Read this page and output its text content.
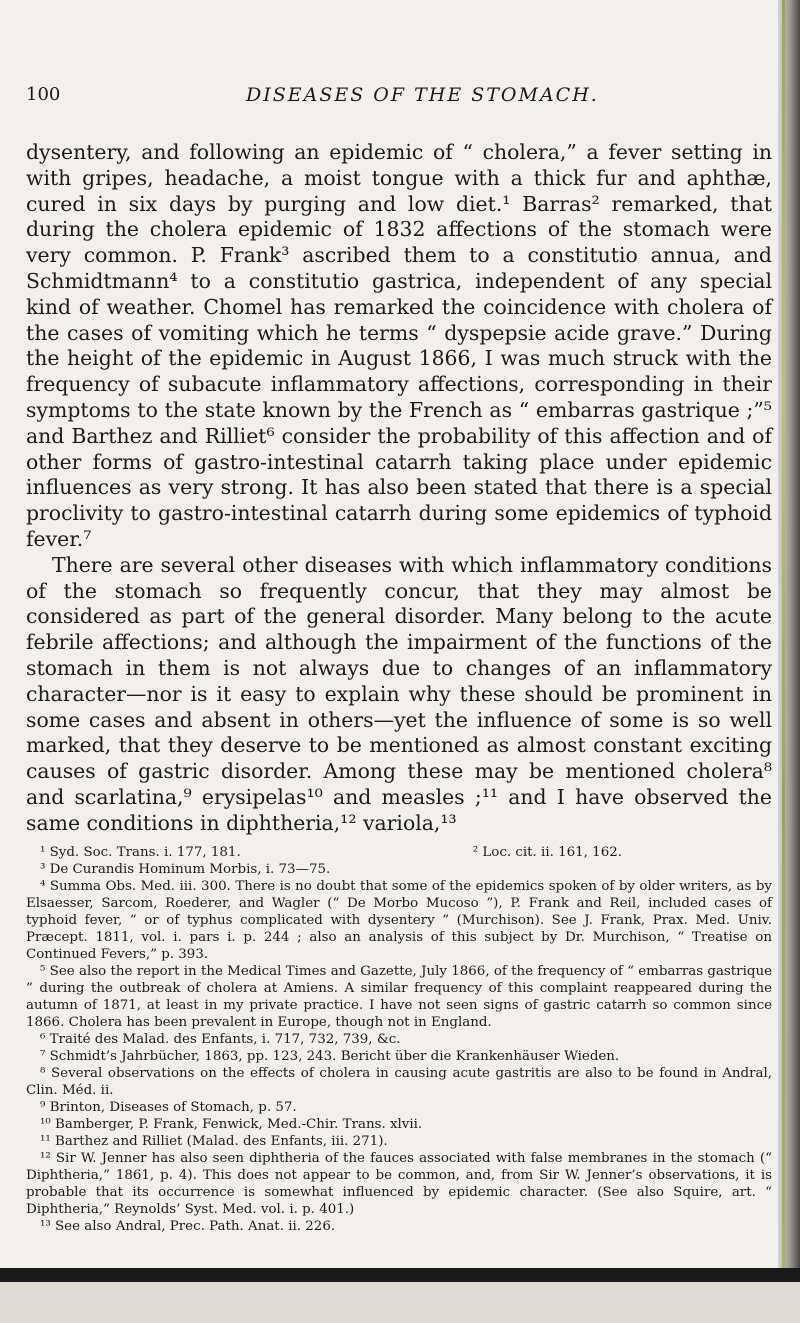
100	DISEASES OF THE STOMACH.

dysentery, and following an epidemic of “ cholera,” a fever setting in with gripes, headache, a moist tongue with a thick fur and aphthæ, cured in six days by purging and low diet.¹ Barras² remarked, that during the cholera epidemic of 1832 affections of the stomach were very common. P. Frank³ ascribed them to a constitutio annua, and Schmidtmann⁴ to a constitutio gastrica, independent of any special kind of weather. Chomel has remarked the coincidence with cholera of the cases of vomiting which he terms “ dyspepsie acide grave.” During the height of the epidemic in August 1866, I was much struck with the frequency of subacute inflammatory affections, corresponding in their symptoms to the state known by the French as “ embarras gastrique ;”⁵ and Barthez and Rilliet⁶ consider the probability of this affection and of other forms of gastro-intestinal catarrh taking place under epidemic influences as very strong. It has also been stated that there is a special proclivity to gastro-intestinal catarrh during some epidemics of typhoid fever.⁷

There are several other diseases with which inflammatory conditions of the stomach so frequently concur, that they may almost be considered as part of the general disorder. Many belong to the acute febrile affections; and although the impairment of the functions of the stomach in them is not always due to changes of an inflammatory character—nor is it easy to explain why these should be prominent in some cases and absent in others—yet the influence of some is so well marked, that they deserve to be mentioned as almost constant exciting causes of gastric disorder. Among these may be mentioned cholera⁸ and scarlatina,⁹ erysipelas¹⁰ and measles ;¹¹ and I have observed the same conditions in diphtheria,¹² variola,¹³

¹ Syd. Soc. Trans. i. 177, 181.	² Loc. cit. ii. 161, 162.

³ De Curandis Hominum Morbis, i. 73—75.

⁴ Summa Obs. Med. iii. 300. There is no doubt that some of the epidemics spoken of by older writers, as by Elsaesser, Sarcom, Roederer, and Wagler (“ De Morbo Mucoso ”), P. Frank and Reil, included cases of typhoid fever, “ or of typhus complicated with dysentery ” (Murchison). See J. Frank, Prax. Med. Univ. Præcept. 1811, vol. i. pars i. p. 244 ; also an analysis of this subject by Dr. Murchison, “ Treatise on Continued Fevers,” p. 393.

⁵ See also the report in the Medical Times and Gazette, July 1866, of the frequency of “ embarras gastrique ” during the outbreak of cholera at Amiens. A similar frequency of this complaint reappeared during the autumn of 1871, at least in my private practice. I have not seen signs of gastric catarrh so common since 1866. Cholera has been prevalent in Europe, though not in England.

⁶ Traité des Malad. des Enfants, i. 717, 732, 739, &c.

⁷ Schmidt’s Jahrbücher, 1863, pp. 123, 243. Bericht über die Krankenhäuser Wieden.

⁸ Several observations on the effects of cholera in causing acute gastritis are also to be found in Andral, Clin. Méd. ii.

⁹ Brinton, Diseases of Stomach, p. 57.

¹⁰ Bamberger, P. Frank, Fenwick, Med.-Chir. Trans. xlvii.

¹¹ Barthez and Rilliet (Malad. des Enfants, iii. 271).

¹² Sir W. Jenner has also seen diphtheria of the fauces associated with false membranes in the stomach (“ Diphtheria,” 1861, p. 4). This does not appear to be common, and, from Sir W. Jenner’s observations, it is probable that its occurrence is somewhat influenced by epidemic character. (See also Squire, art. “ Diphtheria,” Reynolds’ Syst. Med. vol. i. p. 401.)

¹³ See also Andral, Prec. Path. Anat. ii. 226.
